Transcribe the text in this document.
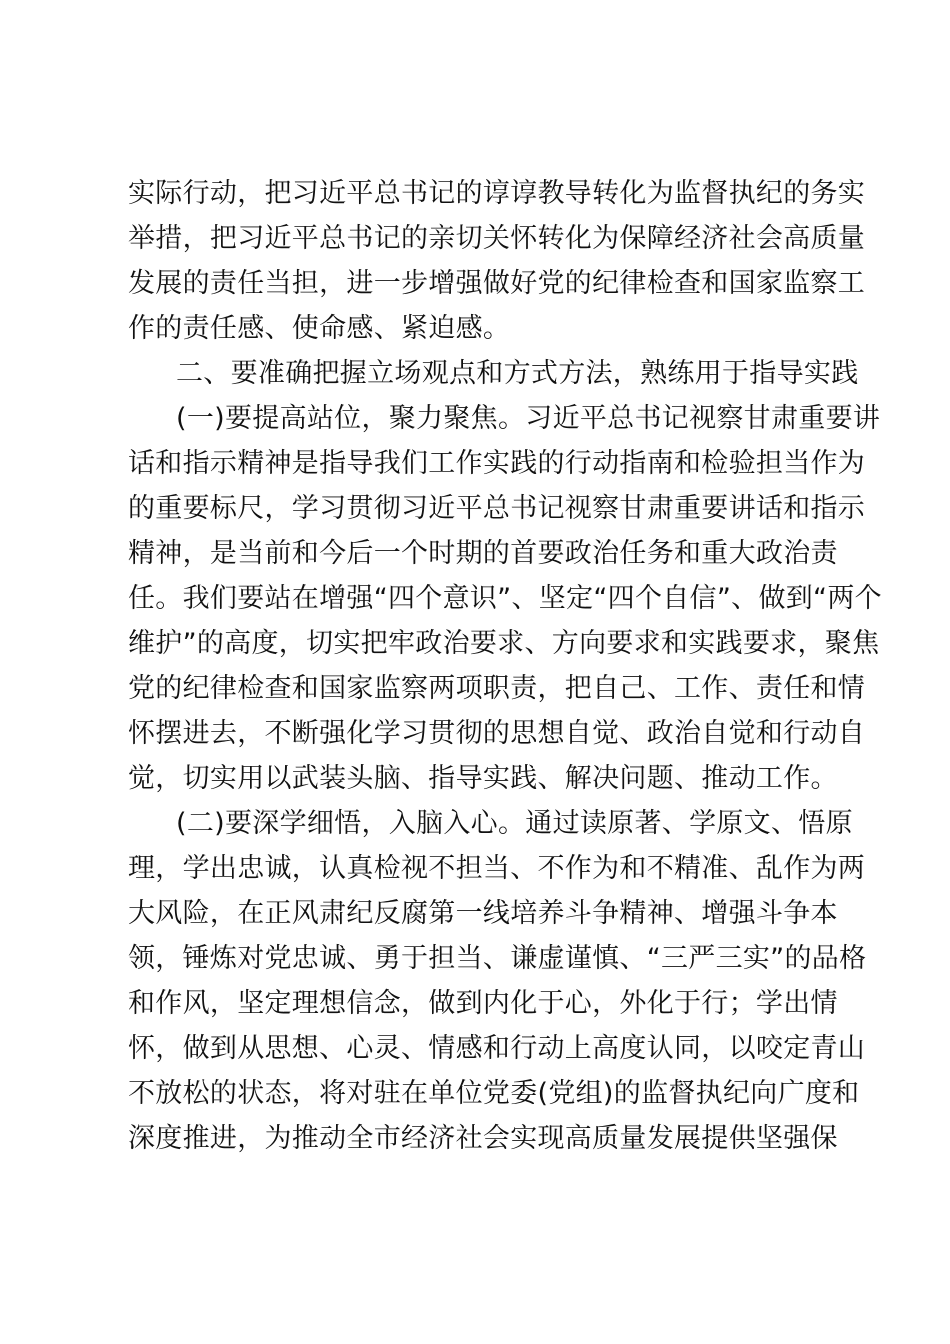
实际行动，把习近平总书记的谆谆教导转化为监督执纪的务实
举措，把习近平总书记的亲切关怀转化为保障经济社会高质量
发展的责任当担，进一步增强做好党的纪律检查和国家监察工
作的责任感、使命感、紧迫感。
二、要准确把握立场观点和方式方法，熟练用于指导实践
(一)要提高站位，聚力聚焦。习近平总书记视察甘肃重要讲
话和指示精神是指导我们工作实践的行动指南和检验担当作为
的重要标尺，学习贯彻习近平总书记视察甘肃重要讲话和指示
精神，是当前和今后一个时期的首要政治任务和重大政治责
任。我们要站在增强“四个意识”、坚定“四个自信”、做到“两个
维护”的高度，切实把牢政治要求、方向要求和实践要求，聚焦
党的纪律检查和国家监察两项职责，把自己、工作、责任和情
怀摆进去，不断强化学习贯彻的思想自觉、政治自觉和行动自
觉，切实用以武装头脑、指导实践、解决问题、推动工作。
(二)要深学细悟，入脑入心。通过读原著、学原文、悟原
理，学出忠诚，认真检视不担当、不作为和不精准、乱作为两
大风险，在正风肃纪反腐第一线培养斗争精神、增强斗争本
领，锤炼对党忠诚、勇于担当、谦虚谨慎、“三严三实”的品格
和作风，坚定理想信念，做到内化于心，外化于行；学出情
怀，做到从思想、心灵、情感和行动上高度认同，以咬定青山
不放松的状态，将对驻在单位党委(党组)的监督执纪向广度和
深度推进，为推动全市经济社会实现高质量发展提供坚强保
